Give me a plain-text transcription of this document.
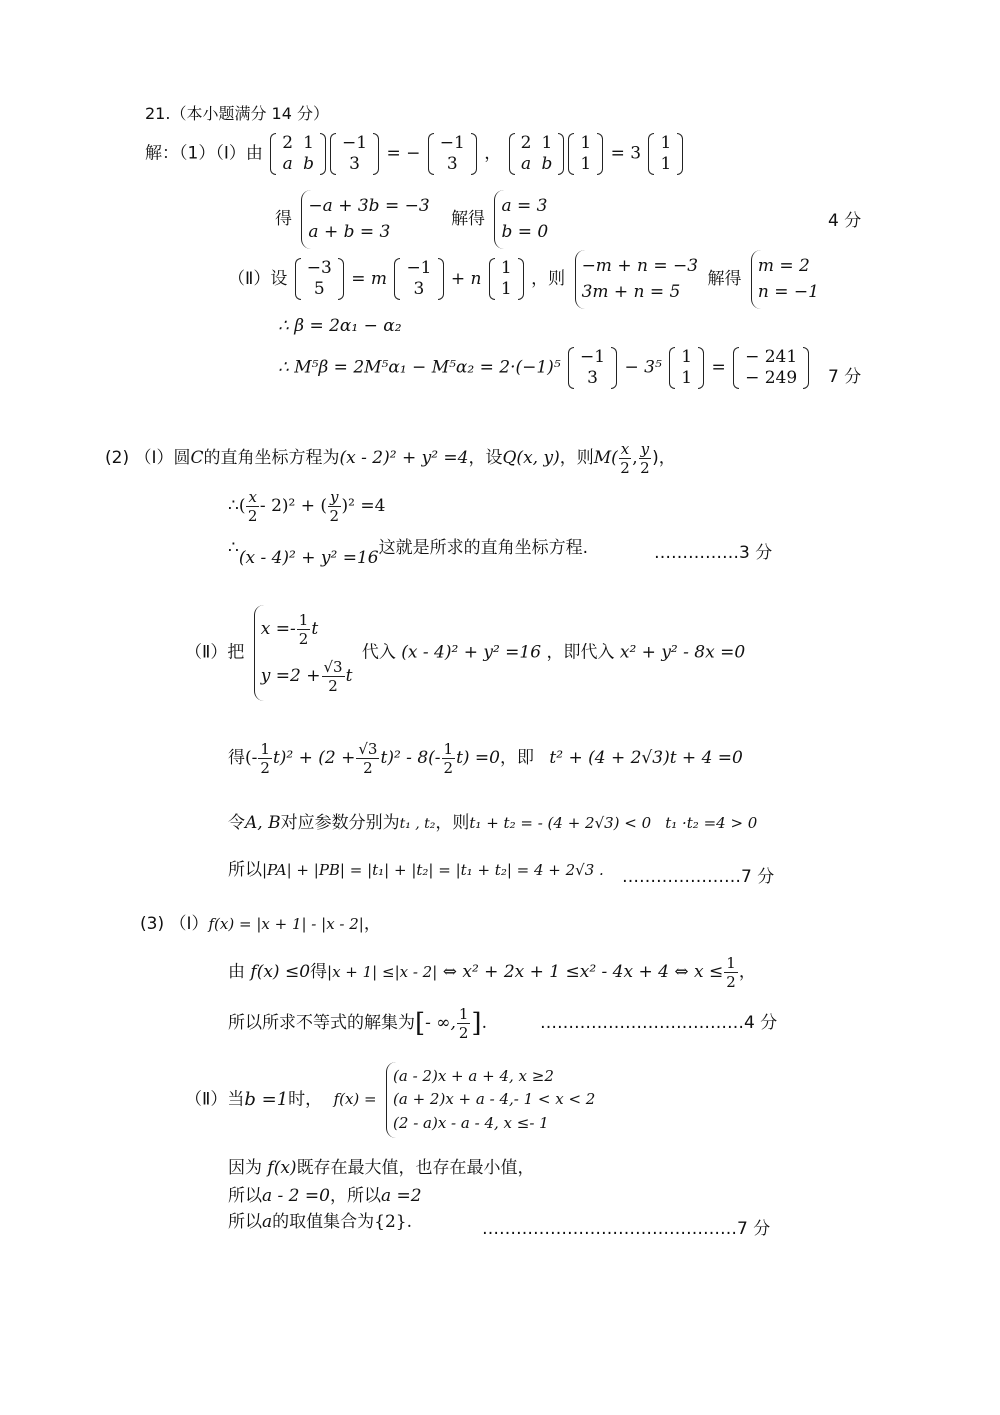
21.（本小题满分 14 分）
解：（1）（Ⅰ）由
2	1
a	b
−1
3
= −
−1
3
，
2	1
a	b
1
1
= 3
1
1
得
−a + 3b = −3
a + b = 3
解得
a = 3
b = 0
4 分
（Ⅱ）设
−3
5
= m
−1
3
+ n
1
1
，则
−m + n = −3
3m + n = 5
解得
m = 2
n = −1
∴ β = 2α₁ − α₂
∴ M⁵β = 2M⁵α₁ − M⁵α₂ = 2·(−1)⁵
−1
3
− 3⁵
1
1
=
− 241
− 249 7 分
(2) （Ⅰ）圆C的直角坐标方程为(x - 2)² + y² =4，设Q(x, y)，则$M( \frac{x}{2}$ , $\frac{y}{2}$ )，
∴( $\frac{x}{2} - 2)^2$ + ( $\frac{y}{2} )^2 =4$
∴(x - 4)² + y² =16这就是所求的直角坐标方程.	……………3 分
（Ⅱ）把
$x =- \frac{1}{2}$ t
$y =2 + \frac{√3}{2}$ t
代入 (x - 4)² + y² =16 ，即代入 x² + y² - 8x =0
得(- $\frac{1}{2} t)^2 + (2 + \frac{√3}{2} t)^2 - 8(- \frac{1}{2} t) =0$，即 t² + (4 + 2√3)t + 4 =0
令A, B对应参数分别为t₁ , t₂，则t₁ + t₂ = - (4 + 2√3) < 0 t₁ ·t₂ =4 > 0
所以|PA| + |PB| = |t₁| + |t₂| = |t₁ + t₂| = 4 + 2√3 . …………………7 分
(3) （Ⅰ）f(x) = |x + 1| - |x - 2|，
由 f(x) ≤0得|x + 1| ≤|x - 2| ⇔ x² + 2x + 1 ≤x² - 4x + 4 ⇔ $x \le \frac{1}{2}$ ，
所以所求不等式的解集为[- ∞, $\frac{1}{2}$ ].	………………………………4 分
（Ⅱ）当b =1时， f(x) =
(a - 2)x + a + 4, x ≥2
(a + 2)x + a - 4,- 1 < x < 2
(2 - a)x - a - 4, x ≤- 1
因为 f(x)既存在最大值，也存在最小值，
所以a - 2 =0，所以a =2
所以a的取值集合为{2}.	………………………………………7 分
